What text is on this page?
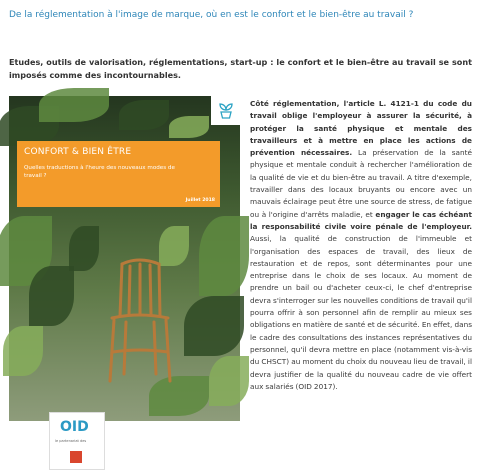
De la réglementation à l'image de marque, où en est le confort et le bien-être au travail ?
Etudes, outils de valorisation, réglementations, start-up : le confort et le bien-être au travail se sont imposés comme des incontournables.
CONFORT & BIEN ÊTRE
Quelles traductions à l'heure des nouveaux modes de travail ?
Juillet 2018
OID
le partenariat des
Côté réglementation, l'article L. 4121-1 du code du travail oblige l'employeur à assurer la sécurité, à protéger la santé physique et mentale des travailleurs et à mettre en place les actions de prévention nécessaires. La préservation de la santé physique et mentale conduit à rechercher l'amélioration de la qualité de vie et du bien-être au travail. A titre d'exemple, travailler dans des locaux bruyants ou encore avec un mauvais éclairage peut être une source de stress, de fatigue ou à l'origine d'arrêts maladie, et engager le cas échéant la responsabilité civile voire pénale de l'employeur. Aussi, la qualité de construction de l'immeuble et l'organisation des espaces de travail, des lieux de restauration et de repos, sont déterminantes pour une entreprise dans le choix de ses locaux. Au moment de prendre un bail ou d'acheter ceux-ci, le chef d'entreprise devra s'interroger sur les nouvelles conditions de travail qu'il pourra offrir à son personnel afin de remplir au mieux ses obligations en matière de santé et de sécurité. En effet, dans le cadre des consultations des instances représentatives du personnel, qu'il devra mettre en place (notamment vis-à-vis du CHSCT) au moment du choix du nouveau lieu de travail, il devra justifier de la qualité du nouveau cadre de vie offert aux salariés (OID 2017).
